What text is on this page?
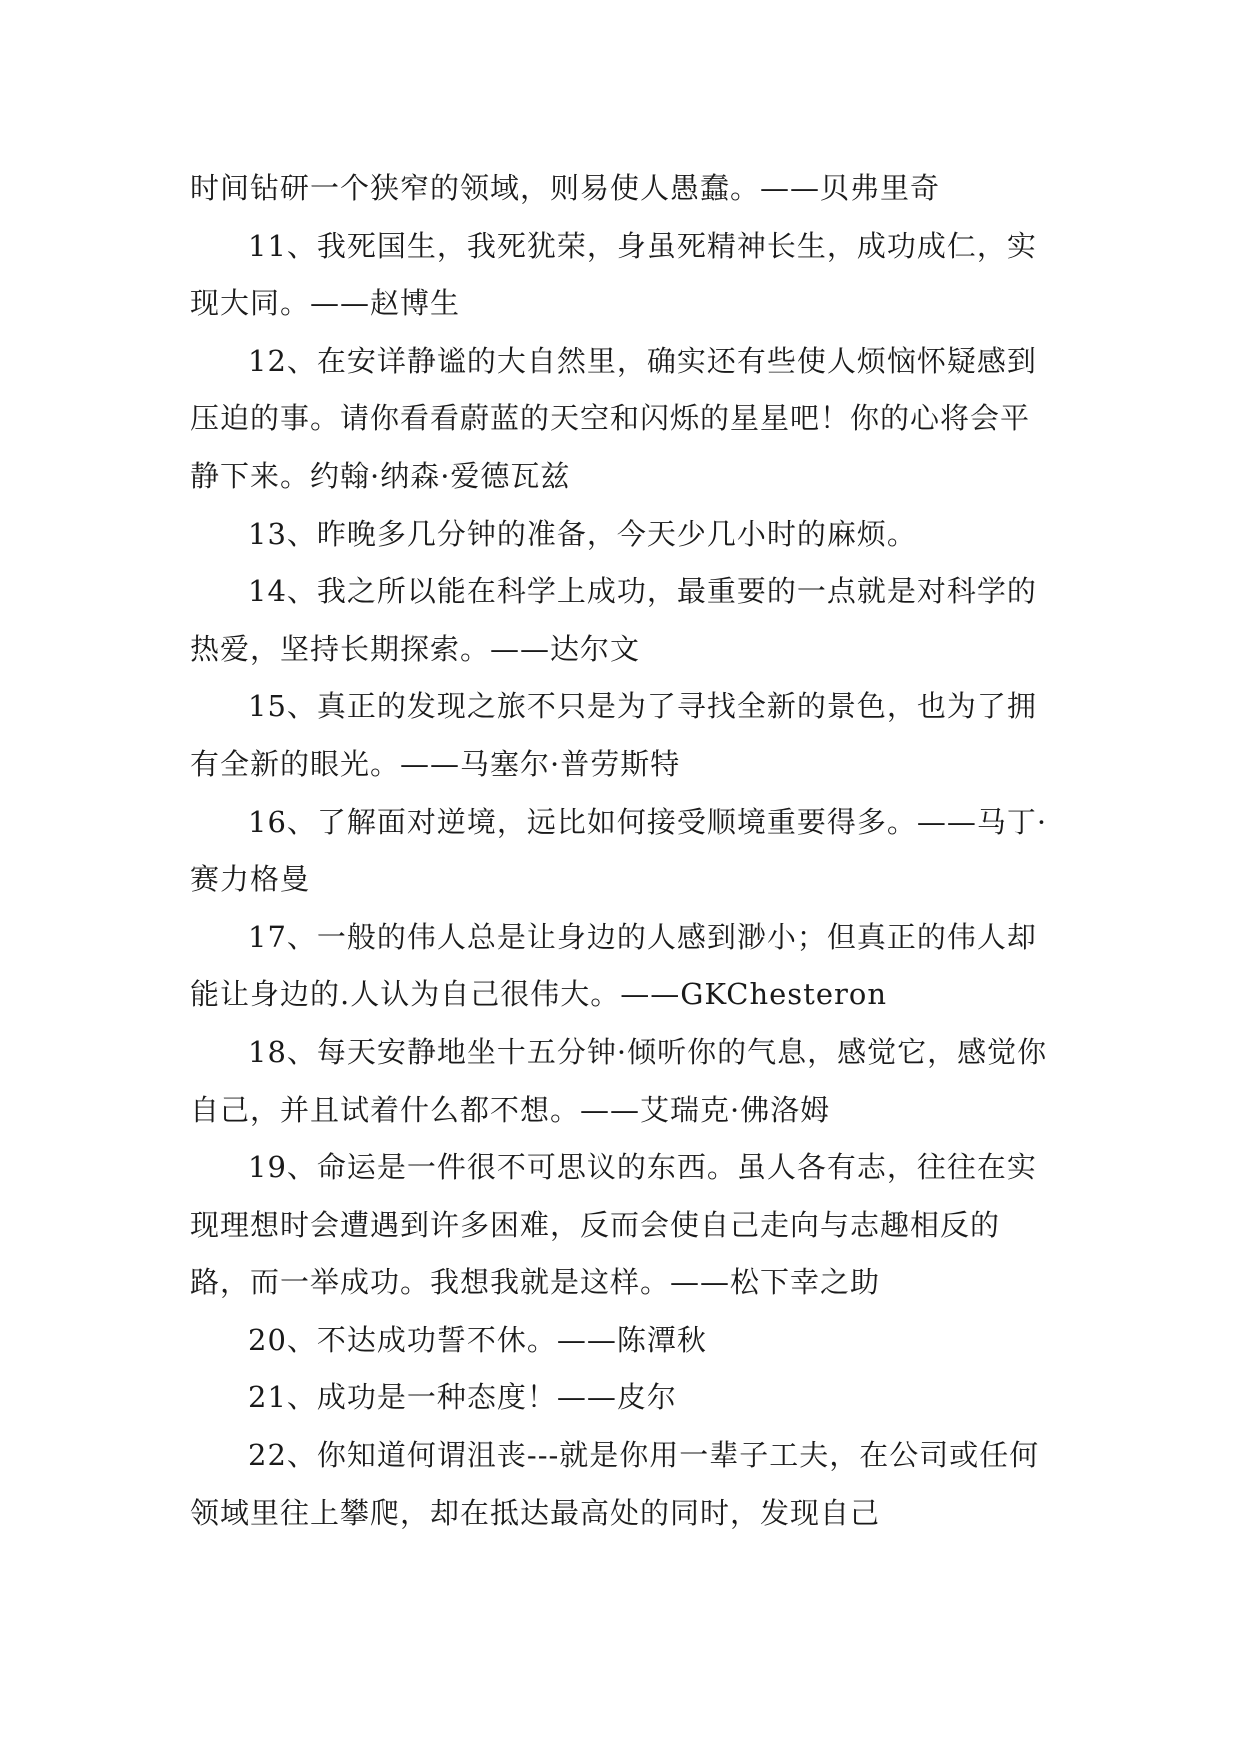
时间钻研一个狭窄的领域，则易使人愚蠢。——贝弗里奇

11、我死国生，我死犹荣，身虽死精神长生，成功成仁，实现大同。——赵博生

12、在安详静谧的大自然里，确实还有些使人烦恼怀疑感到压迫的事。请你看看蔚蓝的天空和闪烁的星星吧！你的心将会平静下来。约翰·纳森·爱德瓦兹

13、昨晚多几分钟的准备，今天少几小时的麻烦。

14、我之所以能在科学上成功，最重要的一点就是对科学的热爱，坚持长期探索。——达尔文

15、真正的发现之旅不只是为了寻找全新的景色，也为了拥有全新的眼光。——马塞尔·普劳斯特

16、了解面对逆境，远比如何接受顺境重要得多。——马丁·赛力格曼

17、一般的伟人总是让身边的人感到渺小；但真正的伟人却能让身边的.人认为自己很伟大。——GKChesteron

18、每天安静地坐十五分钟·倾听你的气息，感觉它，感觉你自己，并且试着什么都不想。——艾瑞克·佛洛姆

19、命运是一件很不可思议的东西。虽人各有志，往往在实现理想时会遭遇到许多困难，反而会使自己走向与志趣相反的路，而一举成功。我想我就是这样。——松下幸之助

20、不达成功誓不休。——陈潭秋

21、成功是一种态度！——皮尔

22、你知道何谓沮丧---就是你用一辈子工夫，在公司或任何领域里往上攀爬，却在抵达最高处的同时，发现自己
